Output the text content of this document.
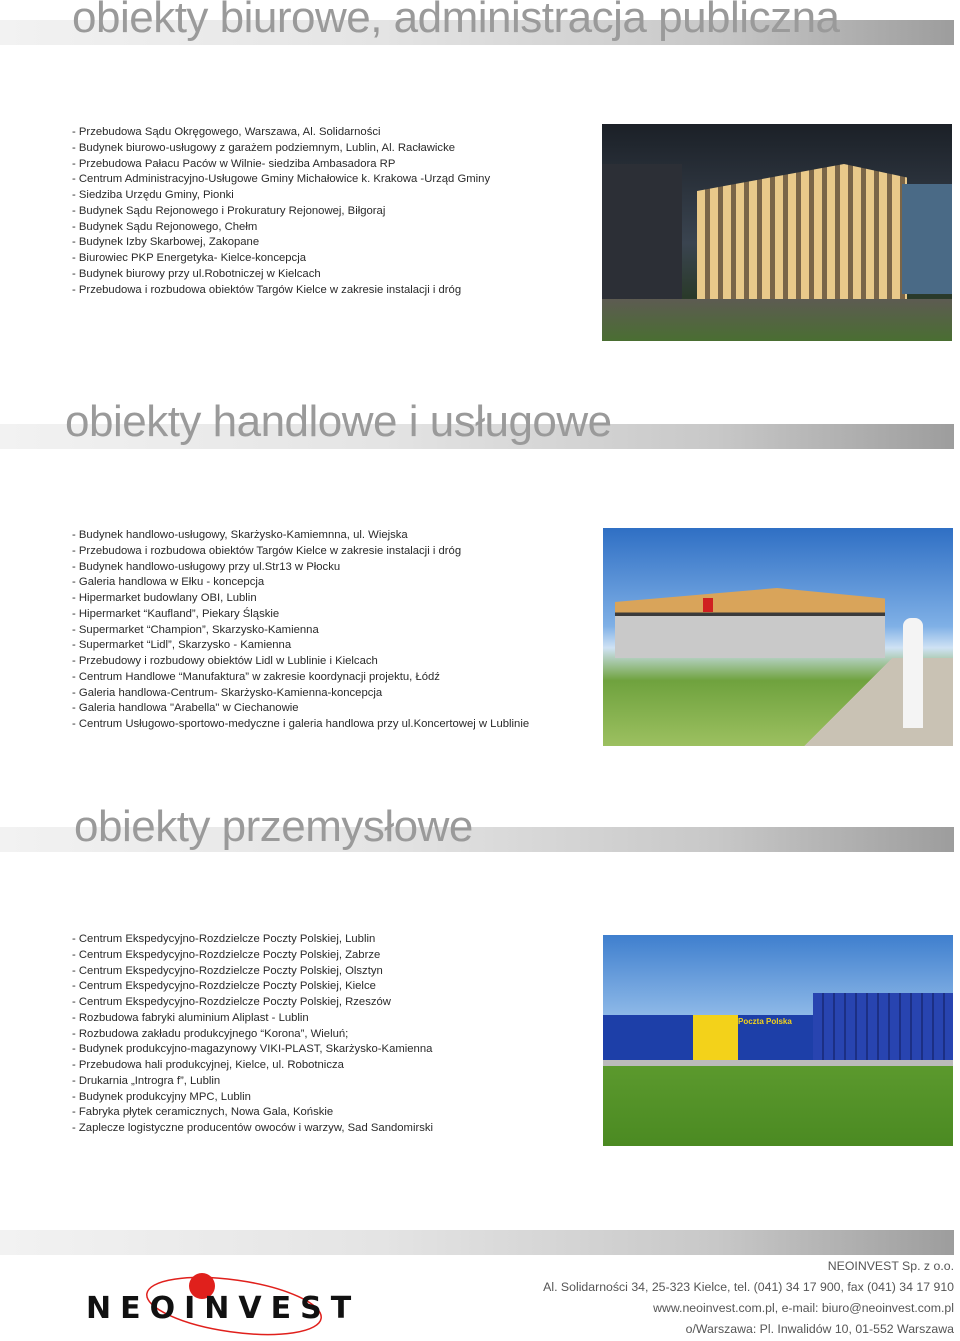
obiekty biurowe, administracja publiczna
- Przebudowa Sądu Okręgowego, Warszawa, Al. Solidarności
- Budynek biurowo-usługowy z garażem podziemnym, Lublin, Al. Racławicke
- Przebudowa Pałacu Paców w Wilnie- siedziba Ambasadora RP
- Centrum Administracyjno-Usługowe Gminy Michałowice k. Krakowa -Urząd Gminy
- Siedziba Urzędu Gminy, Pionki
- Budynek Sądu Rejonowego i Prokuratury Rejonowej, Biłgoraj
- Budynek Sądu Rejonowego, Chełm
- Budynek Izby Skarbowej, Zakopane
- Biurowiec PKP Energetyka- Kielce-koncepcja
- Budynek biurowy przy ul.Robotniczej w Kielcach
- Przebudowa i rozbudowa obiektów Targów Kielce w zakresie instalacji i dróg
obiekty handlowe i usługowe
- Budynek handlowo-usługowy, Skarżysko-Kamiemnna, ul. Wiejska
- Przebudowa i rozbudowa obiektów Targów Kielce w zakresie instalacji i dróg
- Budynek handlowo-usługowy przy ul.Str13 w Płocku
- Galeria handlowa w Ełku - koncepcja
- Hipermarket budowlany OBI, Lublin
- Hipermarket “Kaufland”, Piekary Śląskie
- Supermarket “Champion”, Skarzysko-Kamienna
- Supermarket “Lidl”, Skarzysko - Kamienna
- Przebudowy i rozbudowy obiektów Lidl w Lublinie i Kielcach
- Centrum Handlowe “Manufaktura” w zakresie koordynacji projektu, Łódź
- Galeria handlowa-Centrum- Skarżysko-Kamienna-koncepcja
- Galeria handlowa "Arabella" w Ciechanowie
- Centrum Usługowo-sportowo-medyczne i galeria handlowa przy ul.Koncertowej w Lublinie
obiekty przemysłowe
- Centrum Ekspedycyjno-Rozdzielcze Poczty Polskiej, Lublin
- Centrum Ekspedycyjno-Rozdzielcze Poczty Polskiej, Zabrze
- Centrum Ekspedycyjno-Rozdzielcze Poczty Polskiej, Olsztyn
- Centrum Ekspedycyjno-Rozdzielcze Poczty Polskiej, Kielce
- Centrum Ekspedycyjno-Rozdzielcze Poczty Polskiej, Rzeszów
- Rozbudowa fabryki aluminium Aliplast - Lublin
- Rozbudowa zakładu produkcyjnego “Korona”, Wieluń;
- Budynek produkcyjno-magazynowy VIKI-PLAST, Skarżysko-Kamienna
- Przebudowa hali produkcyjnej, Kielce, ul. Robotnicza
- Drukarnia „Introgra f”, Lublin
- Budynek produkcyjny MPC, Lublin
- Fabryka płytek ceramicznych, Nowa Gala, Końskie
- Zaplecze logistyczne producentów owoców i warzyw, Sad Sandomirski
Poczta Polska
NEOINVEST
NEOINVEST Sp. z o.o.
Al. Solidarności 34, 25-323 Kielce, tel. (041) 34 17 900, fax (041) 34 17 910
www.neoinvest.com.pl, e-mail: biuro@neoinvest.com.pl
o/Warszawa: Pl. Inwalidów 10, 01-552 Warszawa
